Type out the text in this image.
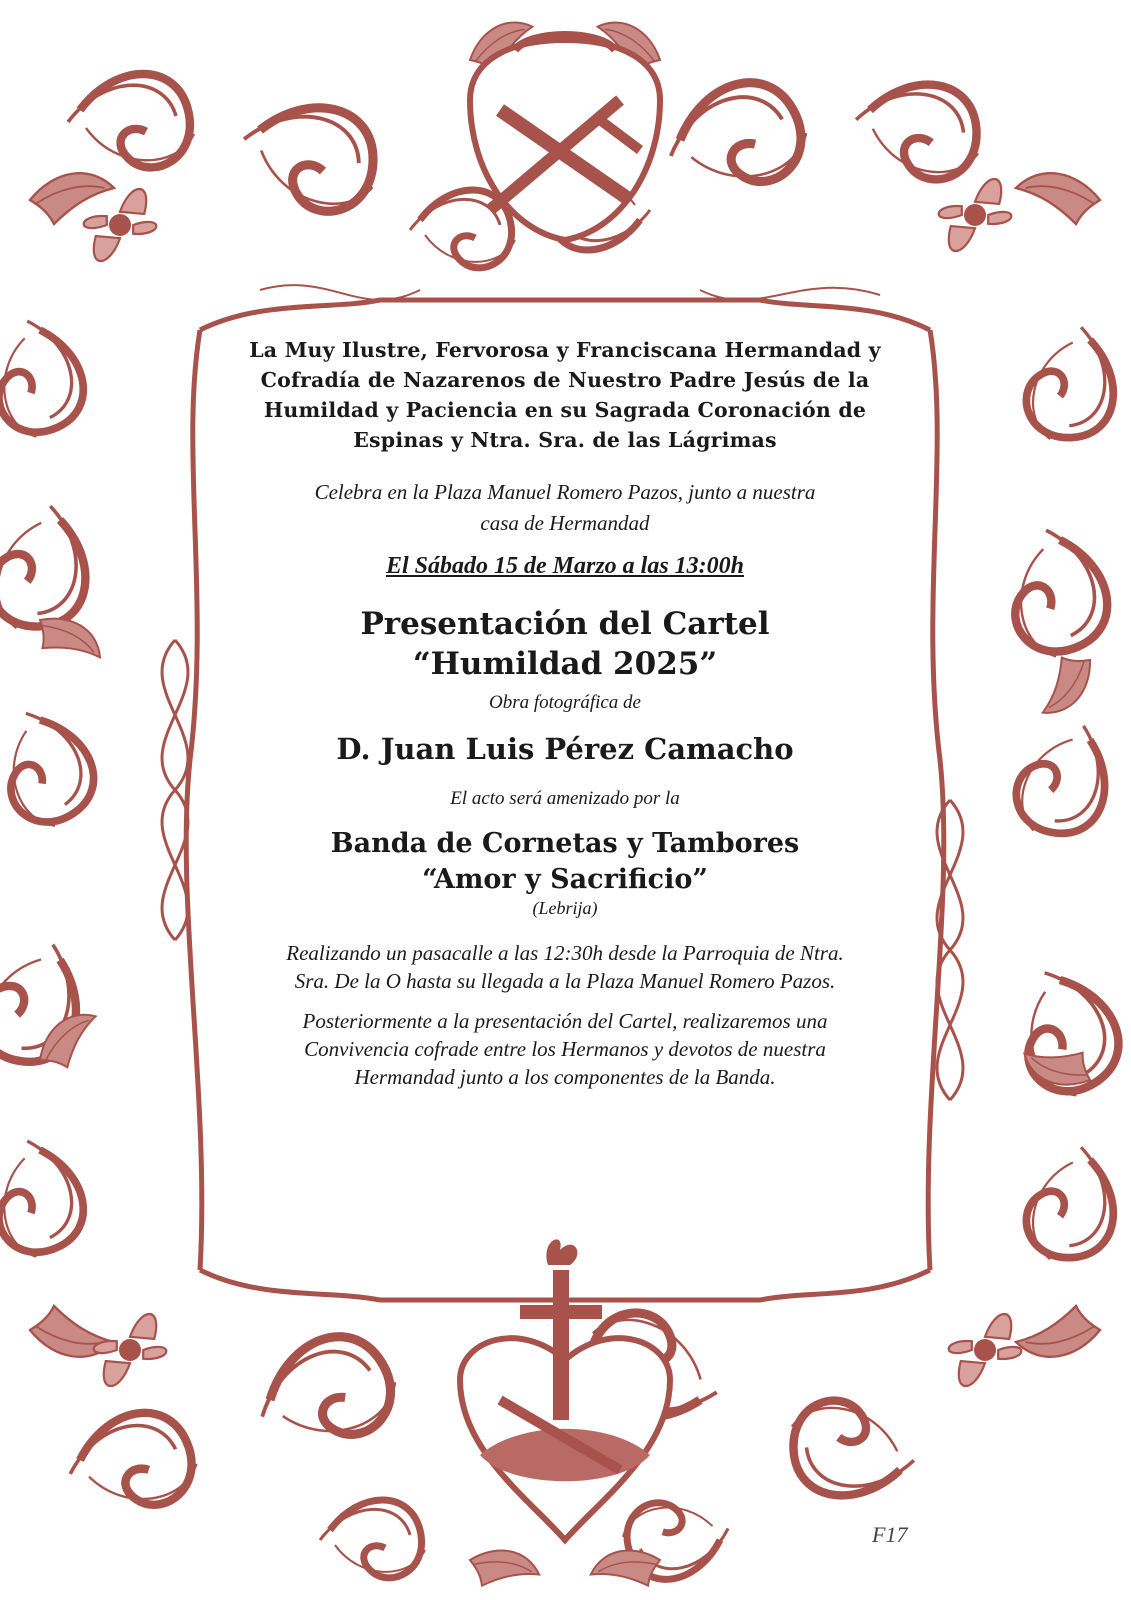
La Muy Ilustre, Fervorosa y Franciscana Hermandad y Cofradía de Nazarenos de Nuestro Padre Jesús de la Humildad y Paciencia en su Sagrada Coronación de Espinas y Ntra. Sra. de las Lágrimas
Celebra en la Plaza Manuel Romero Pazos, junto a nuestra
casa de Hermandad
El Sábado 15 de Marzo a las 13:00h
Presentación del Cartel
“Humildad 2025”
Obra fotográfica de
D. Juan Luis Pérez Camacho
El acto será amenizado por la
Banda de Cornetas y Tambores
“Amor y Sacrificio”
(Lebrija)
Realizando un pasacalle a las 12:30h desde la Parroquia de Ntra.
Sra. De la O hasta su llegada a la Plaza Manuel Romero Pazos.
Posteriormente a la presentación del Cartel, realizaremos una
Convivencia cofrade entre los Hermanos y devotos de nuestra
Hermandad junto a los componentes de la Banda.
F17
